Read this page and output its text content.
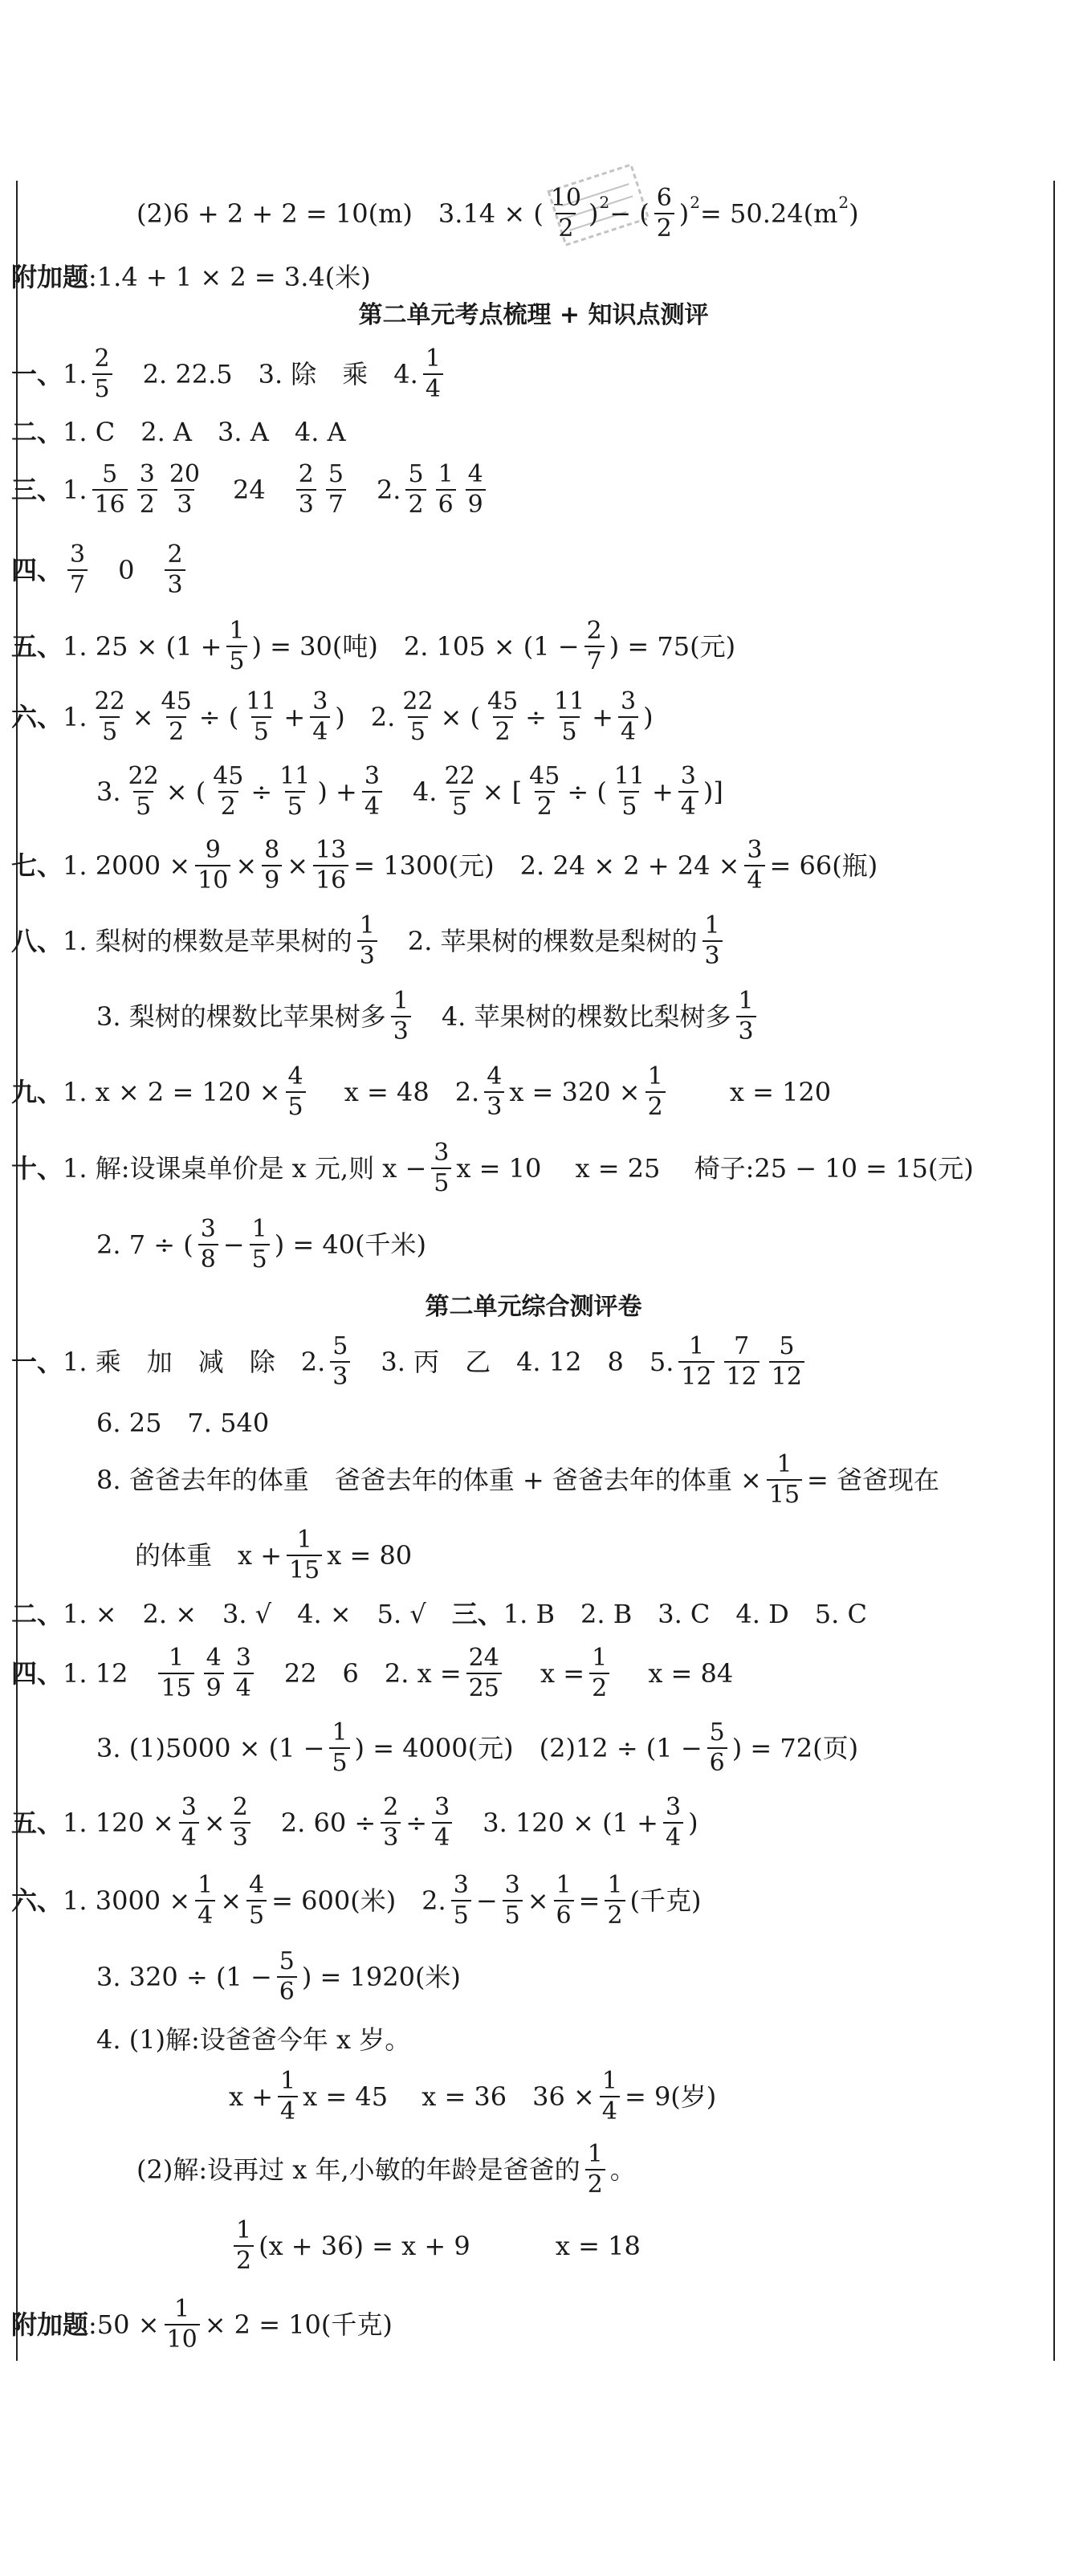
(2)6 + 2 + 2 = 10(m)　3.14 × ( $\frac{10}{2}$ ) 2 − ( $\frac{6}{2}$ ) 2 = 50.24(m 2 )
附加题 :1.4 + 1 × 2 = 3.4(米)
第二单元考点梳理 + 知识点测评
一、 1. $\frac{2}{5}$ 　2. 22.5　3. 除　乘　4. $\frac{1}{4}$
二、 1. C　2. A　3. A　4. A
三、 1. $\frac{5}{16} \frac{3}{2} \frac{20}{3}$ 　24　 $\frac{2}{3} \frac{5}{7}$ 　2. $\frac{5}{2} \frac{1}{6} \frac{4}{9}$
四、 $\frac{3}{7}$ 　0　 $\frac{2}{3}$
五、 1. $25 \times (1 + \frac{1}{5}$ ) = 30(吨)　2. $105 \times (1 - \frac{2}{7}$ ) = 75(元)
六、 1. $\frac{22}{5} \times \frac{45}{2}$ ÷ ( $\frac{11}{5} + \frac{3}{4}$ )　2. $\frac{22}{5}$ × ( $\frac{45}{2} \div \frac{11}{5} + \frac{3}{4}$ )
3. $\frac{22}{5}$ × ( $\frac{45}{2} \div \frac{11}{5}$ ) + $\frac{3}{4}$ 　4. $\frac{22}{5}$ × [ $\frac{45}{2}$ ÷ ( $\frac{11}{5} + \frac{3}{4}$ )]
七、 1. $2000 \times \frac{9}{10} \times \frac{8}{9} \times \frac{13}{16} = 1300$(元)　2. $24 \times 2 + 24 \times \frac{3}{4} = 66$(瓶)
八、 1. 梨树的棵数是苹果树的 $\frac{1}{3}$ 　2. 苹果树的棵数是梨树的 $\frac{1}{3}$
3. 梨树的棵数比苹果树多 $\frac{1}{3}$ 　4. 苹果树的棵数比梨树多 $\frac{1}{3}$
九、 1. $x \times 2 = 120 \times \frac{4}{5}$ 　 x = 48　2. $\frac{4}{3}$ $x = 320 \times \frac{1}{2}$ 　　 x = 120
十、 1. 解:设课桌单价是 x 元,则 $x - \frac{3}{5}$ x = 10　 x = 25　 椅子:25 − 10 = 15(元)
2. 7 ÷ ( $\frac{3}{8} - \frac{1}{5}$ ) = 40(千米)
第二单元综合测评卷
一、 1. 乘　加　减　除　2. $\frac{5}{3}$ 　3. 丙　乙　4. 12　8　5. $\frac{1}{12} \frac{7}{12} \frac{5}{12}$
6. 25　7. 540
8. 爸爸去年的体重　爸爸去年的体重 + 爸爸去年的体重 × $\frac{1}{15}$ = 爸爸现在
的体重　$x + \frac{1}{15}$ x = 80
二、 1. ×　2. ×　3. √　4. ×　5. √　 三、 1. B　2. B　3. C　4. D　5. C
四、 1. 12　 $\frac{1}{15} \frac{4}{9} \frac{3}{4}$ 　22　6　2. $x = \frac{24}{25}$ 　 $x = \frac{1}{2}$ 　 x = 84
3. $(1)5000 \times (1 - \frac{1}{5}$ ) = 4000(元)　$(2)12 \div (1 - \frac{5}{6}$ ) = 72(页)
五、 1. $120 \times \frac{3}{4} \times \frac{2}{3}$ 　2. $60 \div \frac{2}{3} \div \frac{3}{4}$ 　3. $120 \times (1 + \frac{3}{4}$ )
六、 1. $3000 \times \frac{1}{4} \times \frac{4}{5} = 600$(米)　2. $\frac{3}{5} - \frac{3}{5} \times \frac{1}{6} = \frac{1}{2}$ (千克)
3. $320 \div (1 - \frac{5}{6}$ ) = 1920(米)
4. (1)解:设爸爸今年 x 岁。
$x + \frac{1}{4}$ x = 45　 x = 36　$36 \times \frac{1}{4} = 9$(岁)
(2)解:设再过 x 年,小敏的年龄是爸爸的 $\frac{1}{2}$ 。
$\frac{1}{2} (x + 36) = x + 9$　　　 x = 18
附加题 :50 × $\frac{1}{10} \times 2 = 10$(千克)
